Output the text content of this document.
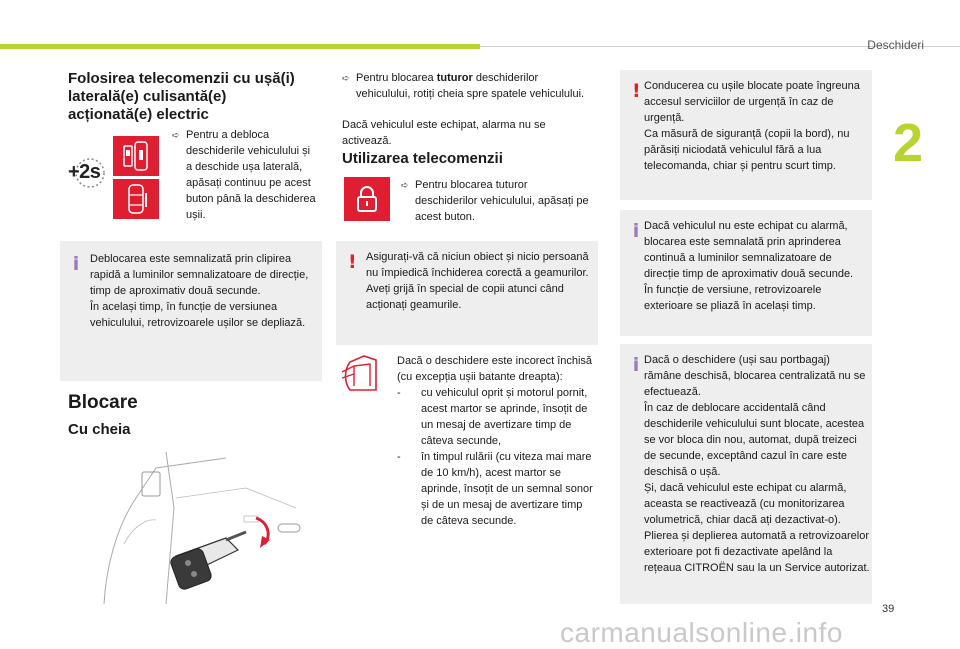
Deschideri
2
39
carmanualsonline.info
Folosirea telecomenzii cu ușă(i) laterală(e) culisantă(e) acționată(e) electric
+2s
➪ Pentru a debloca deschiderile vehiculului și a deschide ușa laterală, apăsați continuu pe acest buton până la deschiderea ușii.
i Deblocarea este semnalizată prin clipirea rapidă a luminilor semnalizatoare de direcție, timp de aproximativ două secunde.
În același timp, în funcție de versiunea vehiculului, retrovizoarele ușilor se depliază.
Blocare
Cu cheia
➪ Pentru blocarea tuturor deschiderilor vehiculului, rotiți cheia spre spatele vehiculului.
Dacă vehiculul este echipat, alarma nu se activează.
Utilizarea telecomenzii
➪ Pentru blocarea tuturor deschiderilor vehiculului, apăsați pe acest buton.
! Asigurați-vă că niciun obiect și nicio persoană nu împiedică închiderea corectă a geamurilor.
Aveți grijă în special de copii atunci când acționați geamurile.
Dacă o deschidere este incorect închisă (cu excepția ușii batante dreapta):
-	cu vehiculul oprit și motorul pornit, acest martor se aprinde, însoțit de un mesaj de avertizare timp de câteva secunde,
-	în timpul rulării (cu viteza mai mare de 10 km/h), acest martor se aprinde, însoțit de un semnal sonor și de un mesaj de avertizare timp de câteva secunde.
! Conducerea cu ușile blocate poate îngreuna accesul serviciilor de urgență în caz de urgență.
Ca măsură de siguranță (copii la bord), nu părăsiți niciodată vehiculul fără a lua telecomanda, chiar și pentru scurt timp.
i Dacă vehiculul nu este echipat cu alarmă, blocarea este semnalată prin aprinderea continuă a luminilor semnalizatoare de direcție timp de aproximativ două secunde.
În funcție de versiune, retrovizoarele exterioare se pliază în același timp.
i Dacă o deschidere (uși sau portbagaj) rămâne deschisă, blocarea centralizată nu se efectuează.
În caz de deblocare accidentală când deschiderile vehiculului sunt blocate, acestea se vor bloca din nou, automat, după treizeci de secunde, exceptând cazul în care este deschisă o ușă.
Și, dacă vehiculul este echipat cu alarmă, aceasta se reactivează (cu monitorizarea volumetrică, chiar dacă ați dezactivat-o).
Plierea și deplierea automată a retrovizoarelor exterioare pot fi dezactivate apelând la rețeaua CITROËN sau la un Service autorizat.
